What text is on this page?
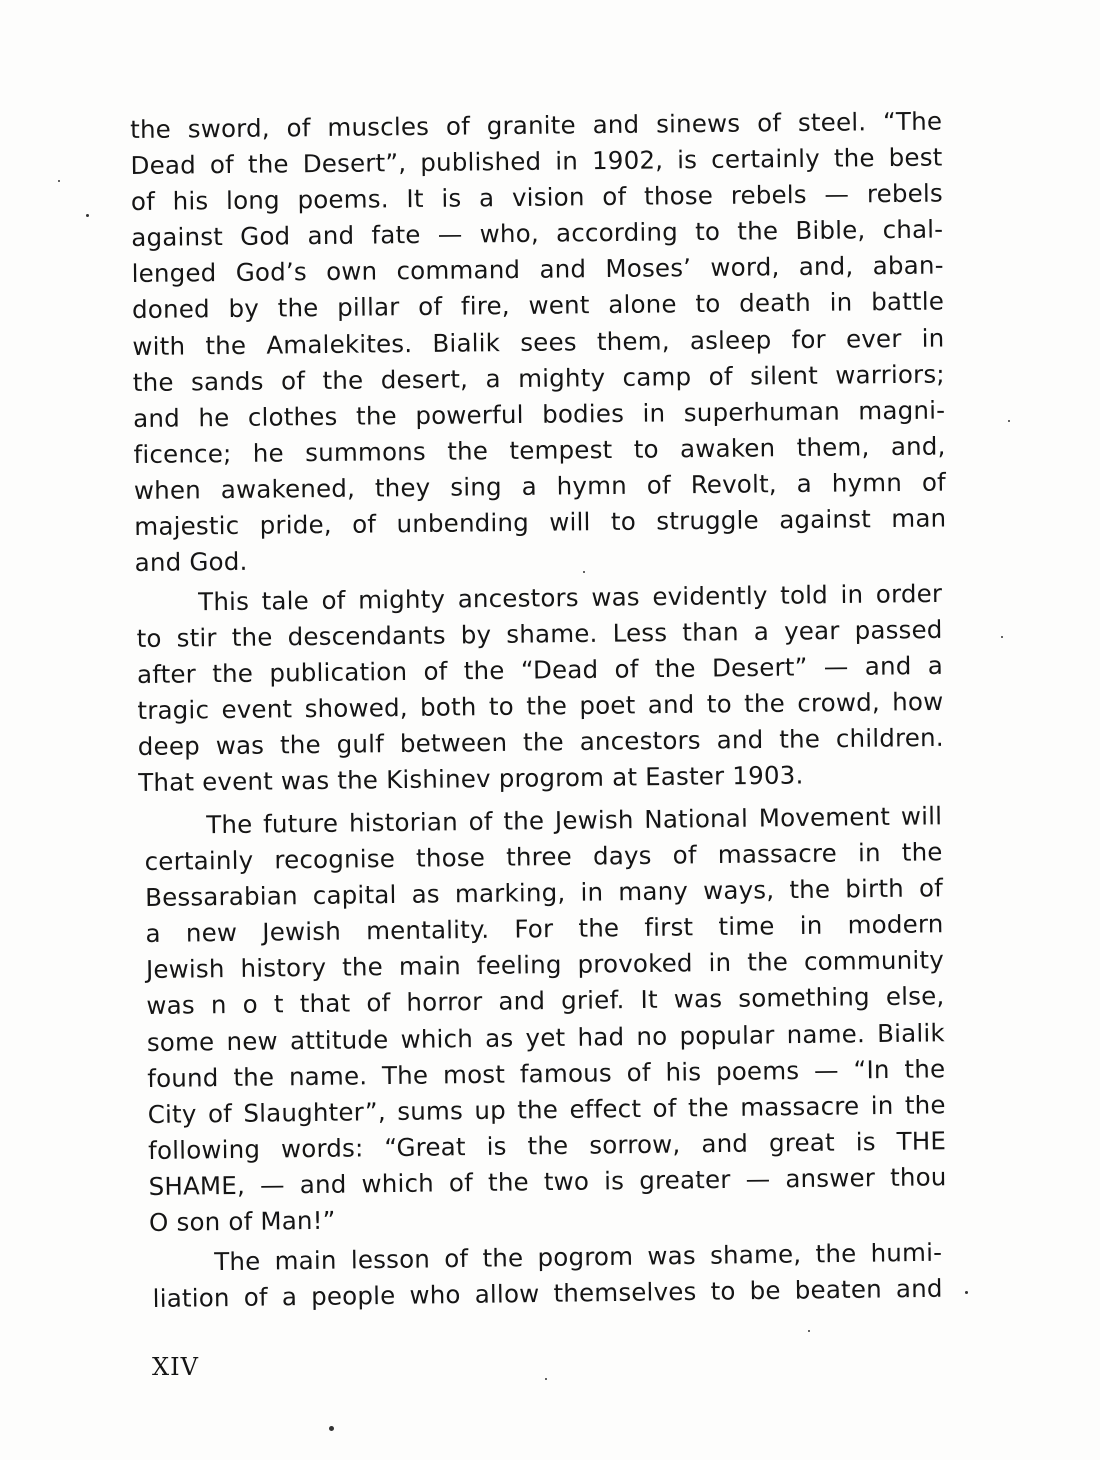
the sword, of muscles of granite and sinews of steel. “The
Dead of the Desert”, published in 1902, is certainly the best
of his long poems. It is a vision of those rebels — rebels
against God and fate — who, according to the Bible, chal-
lenged God’s own command and Moses’ word, and, aban-
doned by the pillar of fire, went alone to death in battle
with the Amalekites. Bialik sees them, asleep for ever in
the sands of the desert, a mighty camp of silent warriors;
and he clothes the powerful bodies in superhuman magni-
ficence; he summons the tempest to awaken them, and,
when awakened, they sing a hymn of Revolt, a hymn of
majestic pride, of unbending will to struggle against man
and God.
This tale of mighty ancestors was evidently told in order
to stir the descendants by shame. Less than a year passed
after the publication of the “Dead of the Desert” — and a
tragic event showed, both to the poet and to the crowd, how
deep was the gulf between the ancestors and the children.
That event was the Kishinev progrom at Easter 1903.
The future historian of the Jewish National Movement will
certainly recognise those three days of massacre in the
Bessarabian capital as marking, in many ways, the birth of
a new Jewish mentality. For the first time in modern
Jewish history the main feeling provoked in the community
was n o t that of horror and grief. It was something else,
some new attitude which as yet had no popular name. Bialik
found the name. The most famous of his poems — “In the
City of Slaughter”, sums up the effect of the massacre in the
following words: “Great is the sorrow, and great is THE
SHAME, — and which of the two is greater — answer thou
O son of Man!”
The main lesson of the pogrom was shame, the humi-
liation of a people who allow themselves to be beaten and
XIV
